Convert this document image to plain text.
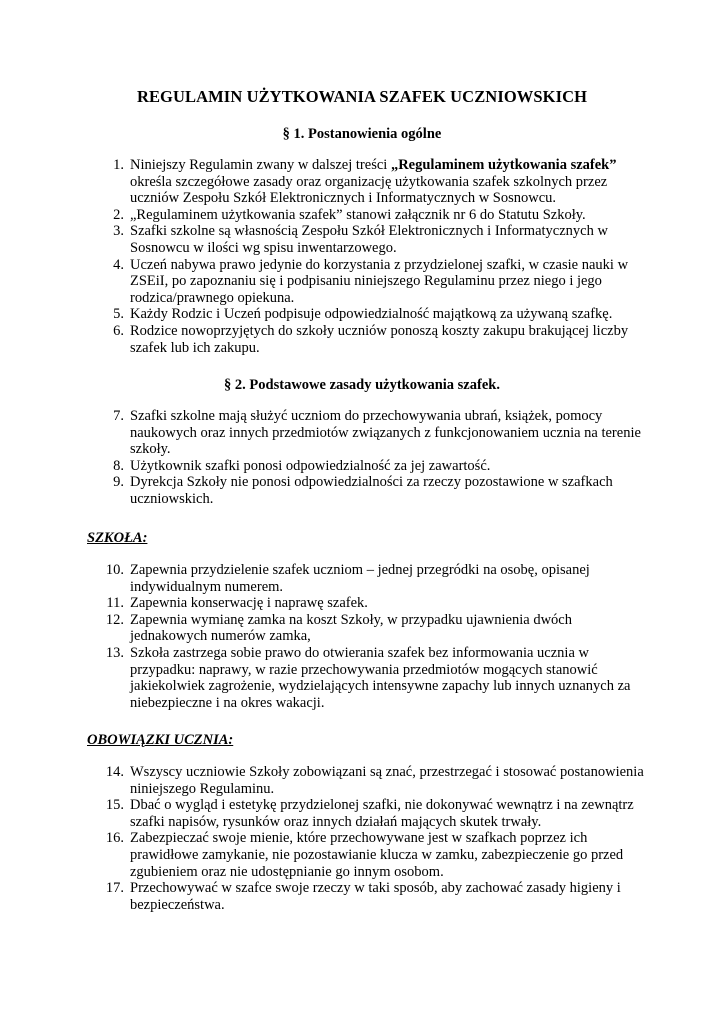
REGULAMIN UŻYTKOWANIA SZAFEK UCZNIOWSKICH
§ 1. Postanowienia ogólne
1. Niniejszy Regulamin zwany w dalszej treści „Regulaminem użytkowania szafek” określa szczegółowe zasady oraz organizację użytkowania szafek szkolnych przez uczniów Zespołu Szkół Elektronicznych i Informatycznych w Sosnowcu.
2. „Regulaminem użytkowania szafek” stanowi załącznik nr 6 do Statutu Szkoły.
3. Szafki szkolne są własnością Zespołu Szkół Elektronicznych i Informatycznych w Sosnowcu w ilości wg spisu inwentarzowego.
4. Uczeń nabywa prawo jedynie do korzystania z przydzielonej szafki, w czasie nauki w ZSEiI, po zapoznaniu się i podpisaniu niniejszego Regulaminu przez niego i jego rodzica/prawnego opiekuna.
5. Każdy Rodzic i Uczeń podpisuje odpowiedzialność majątkową za używaną szafkę.
6. Rodzice nowoprzyjętych do szkoły uczniów ponoszą koszty zakupu brakującej liczby szafek lub ich zakupu.
§ 2. Podstawowe zasady użytkowania szafek.
7. Szafki szkolne mają służyć uczniom do przechowywania ubrań, książek, pomocy naukowych oraz innych przedmiotów związanych z funkcjonowaniem ucznia na terenie szkoły.
8. Użytkownik szafki ponosi odpowiedzialność za jej zawartość.
9. Dyrekcja Szkoły nie ponosi odpowiedzialności za rzeczy pozostawione w szafkach uczniowskich.
SZKOŁA:
10. Zapewnia przydzielenie szafek uczniom – jednej przegródki na osobę, opisanej indywidualnym numerem.
11. Zapewnia konserwację i naprawę szafek.
12. Zapewnia wymianę zamka na koszt Szkoły, w przypadku ujawnienia dwóch jednakowych numerów zamka,
13. Szkoła zastrzega sobie prawo do otwierania szafek bez informowania ucznia w przypadku: naprawy, w razie przechowywania przedmiotów mogących stanowić jakiekolwiek zagrożenie, wydzielających intensywne zapachy lub innych uznanych za niebezpieczne i na okres wakacji.
OBOWIĄZKI UCZNIA:
14. Wszyscy uczniowie Szkoły zobowiązani są znać, przestrzegać i stosować postanowienia niniejszego Regulaminu.
15. Dbać o wygląd i estetykę przydzielonej szafki, nie dokonywać wewnątrz i na zewnątrz szafki napisów, rysunków oraz innych działań mających skutek trwały.
16. Zabezpieczać swoje mienie, które przechowywane jest w szafkach poprzez ich prawidłowe zamykanie, nie pozostawianie klucza w zamku, zabezpieczenie go przed zgubieniem oraz nie udostępnianie go innym osobom.
17. Przechowywać w szafce swoje rzeczy w taki sposób, aby zachować zasady higieny i bezpieczeństwa.
